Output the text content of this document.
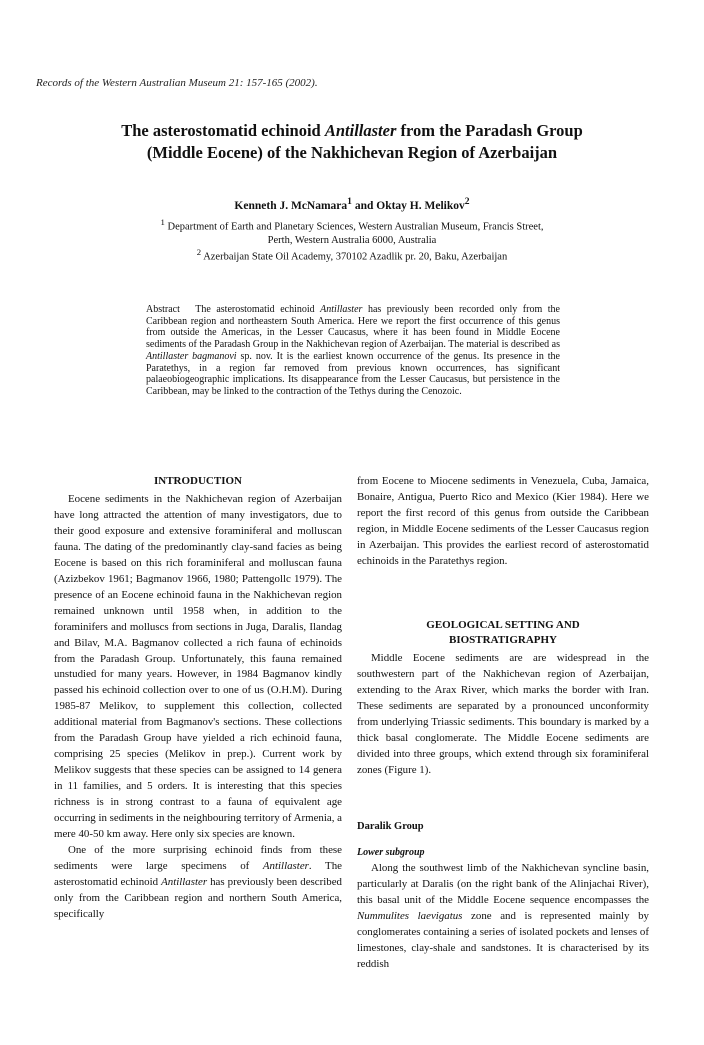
Records of the Western Australian Museum 21: 157-165 (2002).
The asterostomatid echinoid Antillaster from the Paradash Group
(Middle Eocene) of the Nakhichevan Region of Azerbaijan
Kenneth J. McNamara$^1$ and Oktay H. Melikov$^2$
$^1$ Department of Earth and Planetary Sciences, Western Australian Museum, Francis Street,
Perth, Western Australia 6000, Australia
$^2$ Azerbaijan State Oil Academy, 370102 Azadlik pr. 20, Baku, Azerbaijan

Abstract The asterostomatid echinoid Antillaster has previously been recorded only from the Caribbean region and northeastern South America. Here we report the first occurrence of this genus from outside the Americas, in the Lesser Caucasus, where it has been found in Middle Eocene sediments of the Paradash Group in the Nakhichevan region of Azerbaijan. The material is described as Antillaster bagmanovi sp. nov. It is the earliest known occurrence of the genus. Its presence in the Paratethys, in a region far removed from previous known occurrences, has significant palaeobiogeographic implications. Its disappearance from the Lesser Caucasus, but persistence in the Caribbean, may be linked to the contraction of the Tethys during the Cenozoic.

INTRODUCTION

Eocene sediments in the Nakhichevan region of Azerbaijan have long attracted the attention of many investigators, due to their good exposure and extensive foraminiferal and molluscan fauna. The dating of the predominantly clay-sand facies as being Eocene is based on this rich foraminiferal and molluscan fauna (Azizbekov 1961; Bagmanov 1966, 1980; Pattengollc 1979). The presence of an Eocene echinoid fauna in the Nakhichevan region remained unknown until 1958 when, in addition to the foraminifers and molluscs from sections in Juga, Daralis, Ilandag and Bilav, M.A. Bagmanov collected a rich fauna of echinoids from the Paradash Group. Unfortunately, this fauna remained unstudied for many years. However, in 1984 Bagmanov kindly passed his echinoid collection over to one of us (O.H.M). During 1985-87 Melikov, to supplement this collection, collected additional material from Bagmanov's sections. These collections from the Paradash Group have yielded a rich echinoid fauna, comprising 25 species (Melikov in prep.). Current work by Melikov suggests that these species can be assigned to 14 genera in 11 families, and 5 orders. It is interesting that this species richness is in strong contrast to a fauna of equivalent age occurring in sediments in the neighbouring territory of Armenia, a mere 40-50 km away. Here only six species are known.

One of the more surprising echinoid finds from these sediments were large specimens of Antillaster. The asterostomatid echinoid Antillaster has previously been described only from the Caribbean region and northern South America, specifically

from Eocene to Miocene sediments in Venezuela, Cuba, Jamaica, Bonaire, Antigua, Puerto Rico and Mexico (Kier 1984). Here we report the first record of this genus from outside the Caribbean region, in Middle Eocene sediments of the Lesser Caucasus region in Azerbaijan. This provides the earliest record of asterostomatid echinoids in the Paratethys region.

GEOLOGICAL SETTING AND
BIOSTRATIGRAPHY

Middle Eocene sediments are are widespread in the southwestern part of the Nakhichevan region of Azerbaijan, extending to the Arax River, which marks the border with Iran. These sediments are separated by a pronounced unconformity from underlying Triassic sediments. This boundary is marked by a thick basal conglomerate. The Middle Eocene sediments are divided into three groups, which extend through six foraminiferal zones (Figure 1).

Daralik Group
Lower subgroup

Along the southwest limb of the Nakhichevan syncline basin, particularly at Daralis (on the right bank of the Alinjachai River), this basal unit of the Middle Eocene sequence encompasses the Nummulites laevigatus zone and is represented mainly by conglomerates containing a series of isolated pockets and lenses of limestones, clay-shale and sandstones. It is characterised by its reddish
